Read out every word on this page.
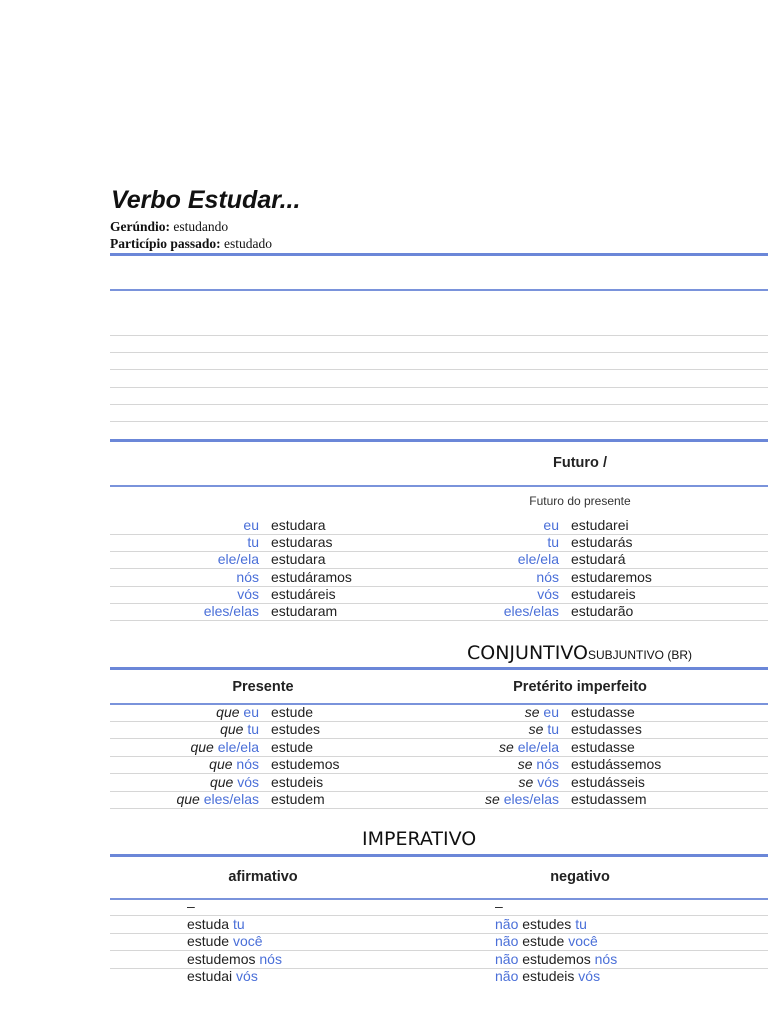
Verbo Estudar...
Gerúndio: estudando
Particípio passado: estudado
Futuro /
Futuro do presente
eu estudara	eu estudarei
tu estudaras	tu estudarás
ele/ela estudara	ele/ela estudará
nós estudáramos	nós estudaremos
vós estudáreis	vós estudareis
eles/elas estudaram	eles/elas estudarão
CONJUNTIVOSUBJUNTIVO (BR)
Presente	Pretérito imperfeito
que eu estude	se eu estudasse
que tu estudes	se tu estudasses
que ele/ela estude	se ele/ela estudasse
que nós estudemos	se nós estudássemos
que vós estudeis	se vós estudásseis
que eles/elas estudem	se eles/elas estudassem
IMPERATIVO
afirmativo	negativo
–	–
estuda tu	não estudes tu
estude você	não estude você
estudemos nós	não estudemos nós
estudai vós	não estudeis vós
